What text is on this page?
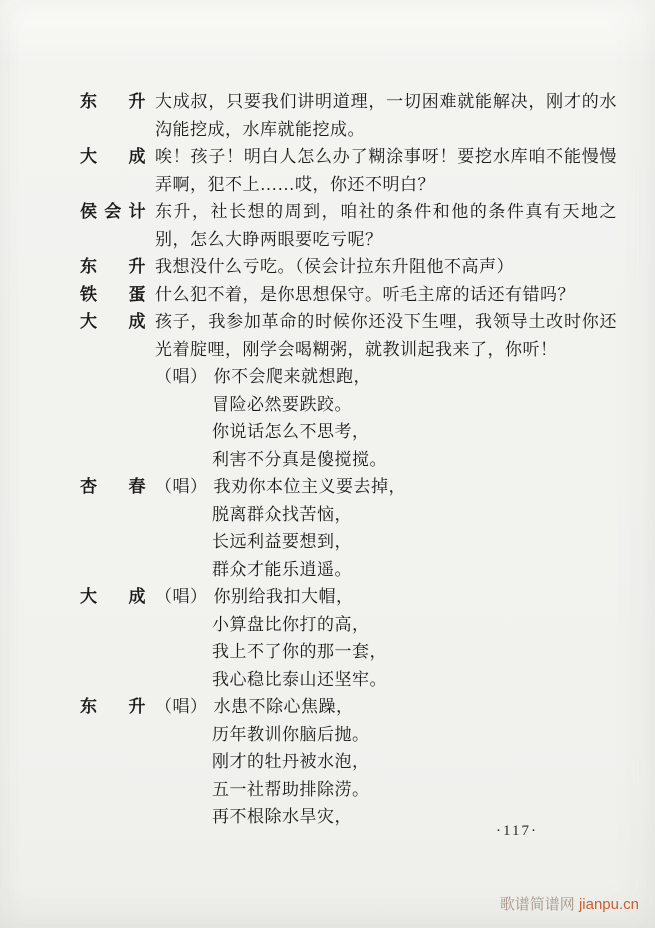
东 升 大成叔，只要我们讲明道理，一切困难就能解决，刚才的水沟能挖成，水库就能挖成。

大 成 唉！孩子！明白人怎么办了糊涂事呀！要挖水库咱不能慢慢弄啊，犯不上……哎，你还不明白？

侯会计 东升，社长想的周到，咱社的条件和他的条件真有天地之别，怎么大睁两眼要吃亏呢？

东 升 我想没什么亏吃。（侯会计拉东升阻他不高声）

铁 蛋 什么犯不着，是你思想保守。听毛主席的话还有错吗？

大 成 孩子，我参加革命的时候你还没下生哩，我领导土改时你还光着腚哩，刚学会喝糊粥，就教训起我来了，你听！

（唱） 你不会爬来就想跑，
冒险必然要跌跤。
你说话怎么不思考，
利害不分真是傻搅搅。
杏 春 （唱） 我劝你本位主义要去掉，
脱离群众找苦恼，
长远利益要想到，
群众才能乐逍遥。
大 成 （唱） 你别给我扣大帽，
小算盘比你打的高，
我上不了你的那一套，
我心稳比泰山还坚牢。
东 升 （唱） 水患不除心焦躁，
历年教训你脑后抛。
刚才的牡丹被水泡，
五一社帮助排除涝。
再不根除水旱灾，
·117·
歌谱简谱网 jianpu.cn
